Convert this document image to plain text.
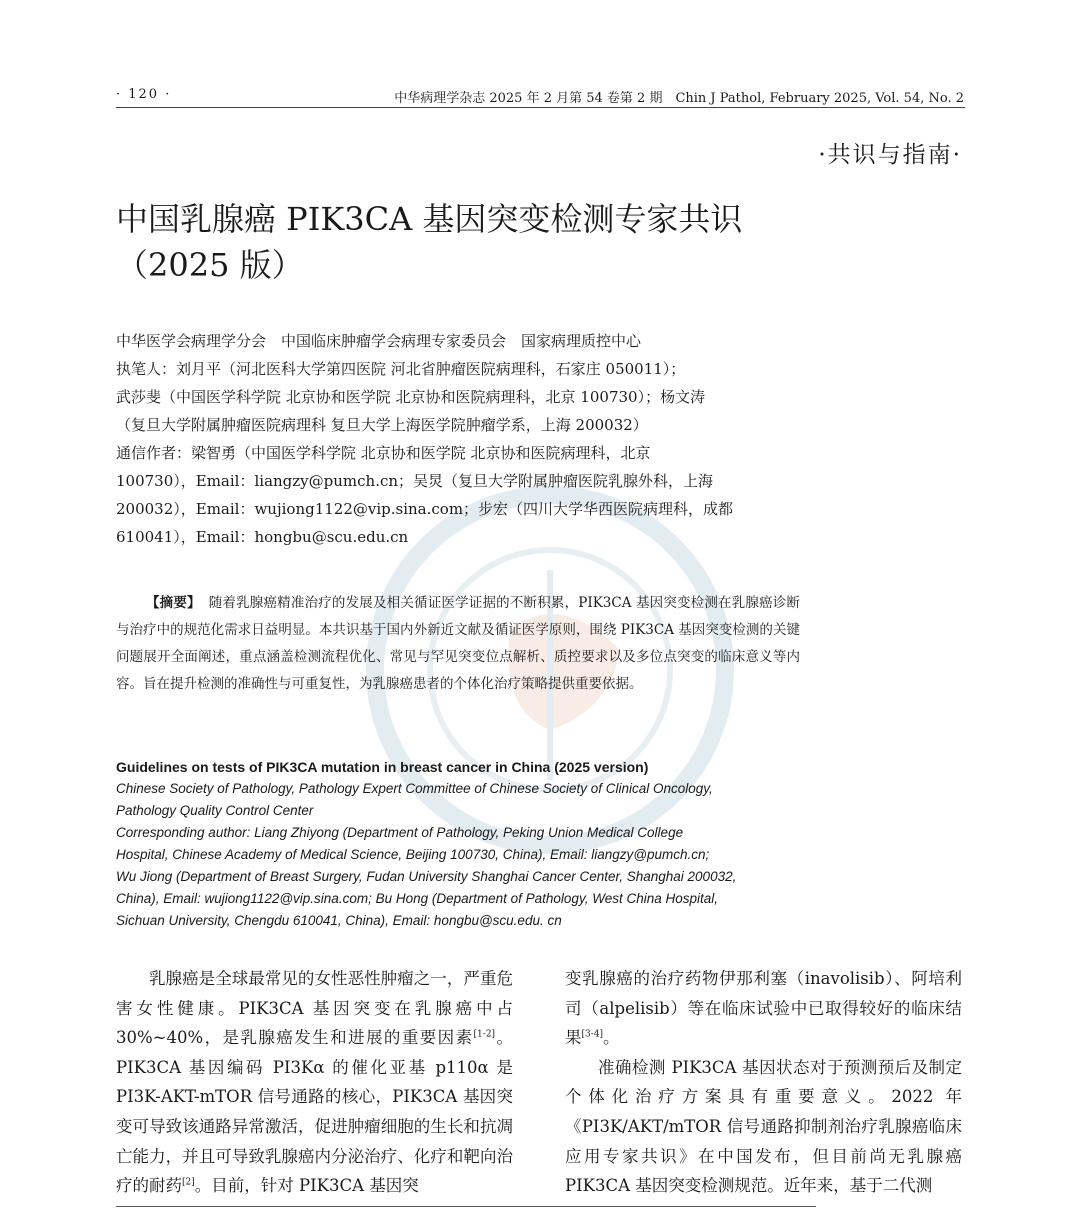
· 120 ·	中华病理学杂志 2025 年 2 月第 54 卷第 2 期　Chin J Pathol, February 2025, Vol. 54, No. 2
·共识与指南·
中国乳腺癌 PIK3CA 基因突变检测专家共识
（2025 版）
中华医学会病理学分会　中国临床肿瘤学会病理专家委员会　国家病理质控中心
执笔人：刘月平（河北医科大学第四医院 河北省肿瘤医院病理科，石家庄 050011）；
武莎斐（中国医学科学院 北京协和医学院 北京协和医院病理科，北京 100730）；杨文涛
（复旦大学附属肿瘤医院病理科 复旦大学上海医学院肿瘤学系，上海 200032）
通信作者：梁智勇（中国医学科学院 北京协和医学院 北京协和医院病理科，北京
100730），Email：liangzy@pumch.cn；吴炅（复旦大学附属肿瘤医院乳腺外科，上海
200032），Email：wujiong1122@vip.sina.com；步宏（四川大学华西医院病理科，成都
610041），Email：hongbu@scu.edu.cn
【摘要】 随着乳腺癌精准治疗的发展及相关循证医学证据的不断积累，PIK3CA 基因突变检测在乳腺癌诊断与治疗中的规范化需求日益明显。本共识基于国内外新近文献及循证医学原则，围绕 PIK3CA 基因突变检测的关键问题展开全面阐述，重点涵盖检测流程优化、常见与罕见突变位点解析、质控要求以及多位点突变的临床意义等内容。旨在提升检测的准确性与可重复性，为乳腺癌患者的个体化治疗策略提供重要依据。
Guidelines on tests of PIK3CA mutation in breast cancer in China (2025 version)
Chinese Society of Pathology, Pathology Expert Committee of Chinese Society of Clinical Oncology,
Pathology Quality Control Center
Corresponding author: Liang Zhiyong (Department of Pathology, Peking Union Medical College
Hospital, Chinese Academy of Medical Science, Beijing 100730, China), Email: liangzy@pumch.cn;
Wu Jiong (Department of Breast Surgery, Fudan University Shanghai Cancer Center, Shanghai 200032,
China), Email: wujiong1122@vip.sina.com; Bu Hong (Department of Pathology, West China Hospital,
Sichuan University, Chengdu 610041, China), Email: hongbu@scu.edu. cn
乳腺癌是全球最常见的女性恶性肿瘤之一，严重危害女性健康。PIK3CA 基因突变在乳腺癌中占 30%~40%，是乳腺癌发生和进展的重要因素[1-2]。PIK3CA 基因编码 PI3Kα 的催化亚基 p110α 是 PI3K-AKT-mTOR 信号通路的核心，PIK3CA 基因突变可导致该通路异常激活，促进肿瘤细胞的生长和抗凋亡能力，并且可导致乳腺癌内分泌治疗、化疗和靶向治疗的耐药[2]。目前，针对 PIK3CA 基因突
变乳腺癌的治疗药物伊那利塞（inavolisib）、阿培利司（alpelisib）等在临床试验中已取得较好的临床结果[3-4]。
准确检测 PIK3CA 基因状态对于预测预后及制定个体化治疗方案具有重要意义。2022 年《PI3K/AKT/mTOR 信号通路抑制剂治疗乳腺癌临床应用专家共识》在中国发布，但目前尚无乳腺癌 PIK3CA 基因突变检测规范。近年来，基于二代测
